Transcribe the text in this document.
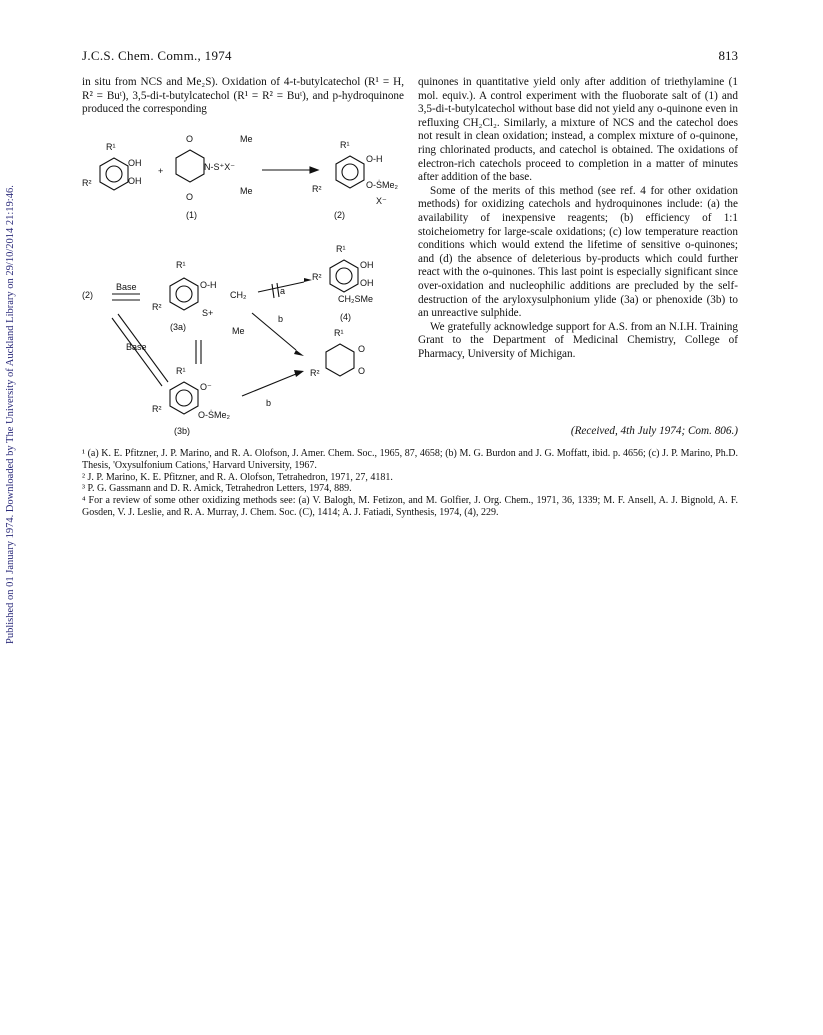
Published on 01 January 1974. Downloaded by The University of Auckland Library on 29/10/2014 21:19:46.
J.C.S. Chem. Comm., 1974	813

in situ from NCS and Me₂S). Oxidation of 4-t-butylcatechol (R¹ = H, R² = Buᵗ), 3,5-di-t-butylcatechol (R¹ = R² = Buᵗ), and p-hydroquinone produced the corresponding

R¹
R²
OH
OH
+
O
O
N-S⁺X⁻
Me
Me
(1)
R¹
R²
O-H
O-ṠMe₂
X⁻
(2)
(2)
Base
R¹
R²
O-H
CH₂
S+
Me
(3a)
a
b
R¹
R²
OH
OH
CH₂SMe
(4)
R¹
R²
O
O
Base
R¹
R²
O⁻
O-ṠMe₂
(3b)
b

quinones in quantitative yield only after addition of triethylamine (1 mol. equiv.). A control experiment with the fluoborate salt of (1) and 3,5-di-t-butylcatechol without base did not yield any o-quinone even in refluxing CH₂Cl₂. Similarly, a mixture of NCS and the catechol does not result in clean oxidation; instead, a complex mixture of o-quinone, ring chlorinated products, and catechol is obtained. The oxidations of electron-rich catechols proceed to completion in a matter of minutes after addition of the base.

Some of the merits of this method (see ref. 4 for other oxidation methods) for oxidizing catechols and hydroquinones include: (a) the availability of inexpensive reagents; (b) efficiency of 1:1 stoicheiometry for large-scale oxidations; (c) low temperature reaction conditions which would extend the lifetime of sensitive o-quinones; and (d) the absence of deleterious by-products which could further react with the o-quinones. This last point is especially significant since over-oxidation and nucleophilic additions are precluded by the self-destruction of the aryloxysulphonium ylide (3a) or phenoxide (3b) to an unreactive sulphide.

We gratefully acknowledge support for A.S. from an N.I.H. Training Grant to the Department of Medicinal Chemistry, College of Pharmacy, University of Michigan.

(Received, 4th July 1974; Com. 806.)

¹ (a) K. E. Pfitzner, J. P. Marino, and R. A. Olofson, J. Amer. Chem. Soc., 1965, 87, 4658; (b) M. G. Burdon and J. G. Moffatt, ibid. p. 4656; (c) J. P. Marino, Ph.D. Thesis, 'Oxysulfonium Cations,' Harvard University, 1967.

² J. P. Marino, K. E. Pfitzner, and R. A. Olofson, Tetrahedron, 1971, 27, 4181.

³ P. G. Gassmann and D. R. Amick, Tetrahedron Letters, 1974, 889.

⁴ For a review of some other oxidizing methods see: (a) V. Balogh, M. Fetizon, and M. Golfier, J. Org. Chem., 1971, 36, 1339; M. F. Ansell, A. J. Bignold, A. F. Gosden, V. J. Leslie, and R. A. Murray, J. Chem. Soc. (C), 1414; A. J. Fatiadi, Synthesis, 1974, (4), 229.
